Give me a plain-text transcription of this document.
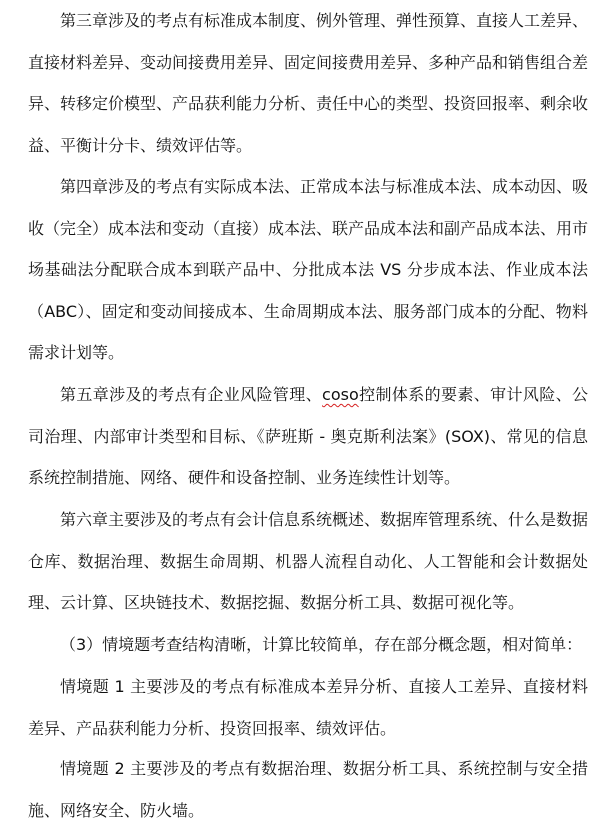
第三章涉及的考点有标准成本制度、例外管理、弹性预算、直接人工差异、直接材料差异、变动间接费用差异、固定间接费用差异、多种产品和销售组合差异、转移定价模型、产品获利能力分析、责任中心的类型、投资回报率、剩余收益、平衡计分卡、绩效评估等。

第四章涉及的考点有实际成本法、正常成本法与标准成本法、成本动因、吸收（完全）成本法和变动（直接）成本法、联产品成本法和副产品成本法、用市场基础法分配联合成本到联产品中、分批成本法 VS 分步成本法、作业成本法（ABC）、固定和变动间接成本、生命周期成本法、服务部门成本的分配、物料需求计划等。

第五章涉及的考点有企业风险管理、coso控制体系的要素、审计风险、公司治理、内部审计类型和目标、《萨班斯 - 奥克斯利法案》(SOX)、常见的信息系统控制措施、网络、硬件和设备控制、业务连续性计划等。

第六章主要涉及的考点有会计信息系统概述、数据库管理系统、什么是数据仓库、数据治理、数据生命周期、机器人流程自动化、人工智能和会计数据处理、云计算、区块链技术、数据挖掘、数据分析工具、数据可视化等。

（3）情境题考查结构清晰，计算比较简单，存在部分概念题，相对简单：

情境题 1 主要涉及的考点有标准成本差异分析、直接人工差异、直接材料差异、产品获利能力分析、投资回报率、绩效评估。

情境题 2 主要涉及的考点有数据治理、数据分析工具、系统控制与安全措施、网络安全、防火墙。
